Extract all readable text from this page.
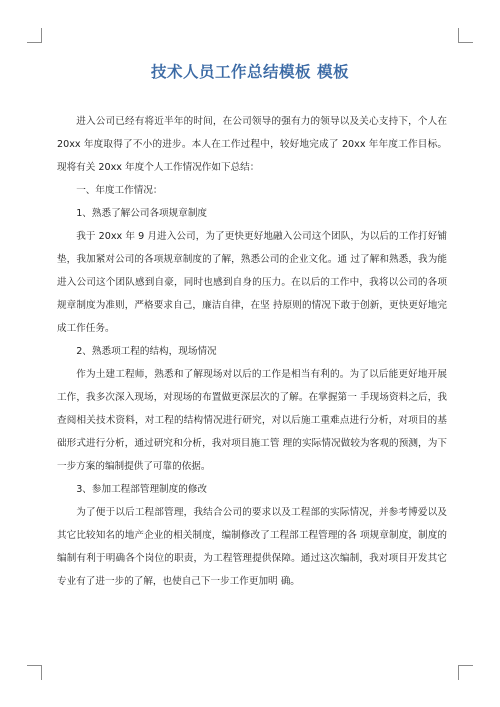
技术人员工作总结模板 模板

进入公司已经有将近半年的时间，在公司领导的强有力的领导以及关心支持下，个人在 20xx 年度取得了不小的进步。本人在工作过程中，较好地完成了 20xx 年年度工作目标。现将有关 20xx 年度个人工作情况作如下总结：

一、年度工作情况：

1、熟悉了解公司各项规章制度

我于 20xx 年 9 月进入公司，为了更快更好地融入公司这个团队，为以后的工作打好铺垫，我加紧对公司的各项规章制度的了解，熟悉公司的企业文化。通 过了解和熟悉，我为能进入公司这个团队感到自豪，同时也感到自身的压力。在以后的工作中，我将以公司的各项规章制度为准则，严格要求自己，廉洁自律，在坚 持原则的情况下敢于创新，更快更好地完成工作任务。

2、熟悉项工程的结构，现场情况

作为土建工程师，熟悉和了解现场对以后的工作是相当有利的。为了以后能更好地开展工作，我多次深入现场，对现场的布置做更深层次的了解。在掌握第一 手现场资料之后，我查阅相关技术资料，对工程的结构情况进行研究，对以后施工重难点进行分析，对项目的基础形式进行分析，通过研究和分析，我对项目施工管 理的实际情况做较为客观的预测，为下一步方案的编制提供了可靠的依据。

3、参加工程部管理制度的修改

为了便于以后工程部管理，我结合公司的要求以及工程部的实际情况，并参考博爱以及其它比较知名的地产企业的相关制度，编制修改了工程部工程管理的各 项规章制度，制度的编制有利于明确各个岗位的职责，为工程管理提供保障。通过这次编制，我对项目开发其它专业有了进一步的了解，也使自己下一步工作更加明 确。
